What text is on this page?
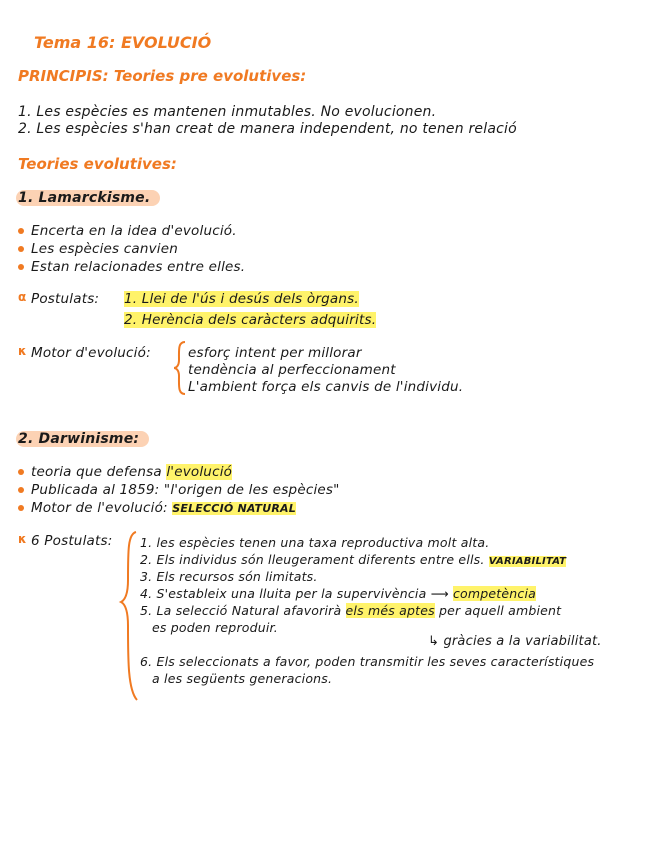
Tema 16: EVOLUCIÓ
PRINCIPIS: Teories pre evolutives:
1. Les espècies es mantenen inmutables. No evolucionen.
2. Les espècies s'han creat de manera independent, no tenen relació
Teories evolutives:
1. Lamarckisme.
Encerta en la idea d'evolució.
Les espècies canvien
Estan relacionades entre elles.
α Postulats: 1. Llei de l'ús i desús dels òrgans.
2. Herència dels caràcters adquirits.
κ Motor d'evolució:	esforç intent per millorar
tendència al perfeccionament
L'ambient força els canvis de l'individu.
2. Darwinisme:
teoria que defensa l'evolució
Publicada al 1859: "l'origen de les espècies"
Motor de l'evolució: SELECCIÓ NATURAL
κ 6 Postulats: 1. les espècies tenen una taxa reproductiva molt alta.
2. Els individus són lleugerament diferents entre ells. VARIABILITAT
3. Els recursos són limitats.
4. S'estableix una lluita per la supervivència ⟶ competència
5. La selecció Natural afavorirà els més aptes per aquell ambient
es poden reproduir.
↳ gràcies a la variabilitat.
6. Els seleccionats a favor, poden transmitir les seves característiques
a les següents generacions.
